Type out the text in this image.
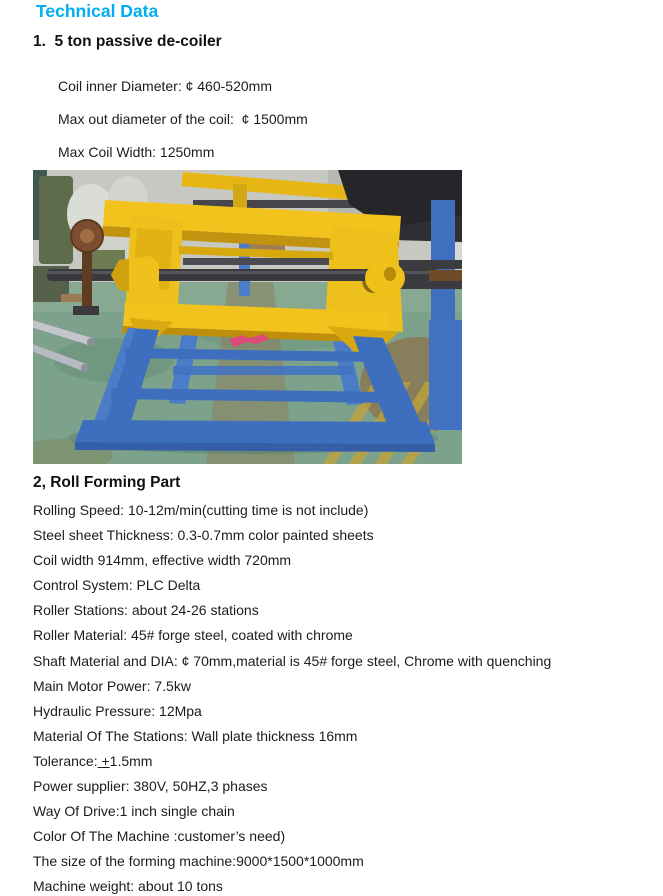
Technical Data
1.  5 ton passive de-coiler
Coil inner Diameter: ¢ 460-520mm
Max out diameter of the coil:  ¢ 1500mm
Max Coil Width: 1250mm
2, Roll Forming Part
Rolling Speed: 10-12m/min(cutting time is not include)
Steel sheet Thickness: 0.3-0.7mm color painted sheets
Coil width 914mm, effective width 720mm
Control System: PLC Delta
Roller Stations: about 24-26 stations
Roller Material: 45# forge steel, coated with chrome
Shaft Material and DIA: ¢ 70mm,material is 45# forge steel, Chrome with quenching
Main Motor Power: 7.5kw
Hydraulic Pressure: 12Mpa
Material Of The Stations: Wall plate thickness 16mm
Tolerance: +1.5mm
Power supplier: 380V, 50HZ,3 phases
Way Of Drive:1 inch single chain
Color Of The Machine :customer’s need)
The size of the forming machine:9000*1500*1000mm
Machine weight: about 10 tons
